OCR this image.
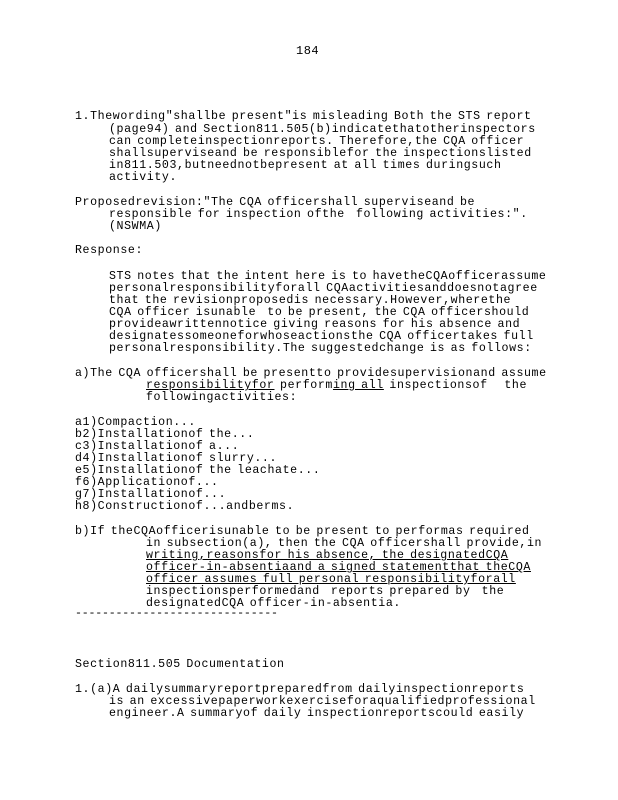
184
1.Thewording"shallbe present"is misleading Both the STS report
(page94) and Section811.505(b)indicatethatotherinspectors
can completeinspectionreports. Therefore,the CQA officer
shallsuperviseand be responsiblefor the inspectionslisted
in811.503,butneednotbepresent at all times duringsuch
activity.
Proposedrevision:"The CQA officershall superviseand be
responsible for inspection ofthe  following activities:".
(NSWMA)
Response:
STS notes that the intent here is to havetheCQAofficerassume
personalresponsibilityforall CQAactivitiesanddoesnotagree
that the revisionproposedis necessary.However,wherethe
CQA officer isunable  to be present, the CQA officershould
provideawrittennotice giving reasons for his absence and
designatessomeoneforwhoseactionsthe CQA officertakes full
personalresponsibility.The suggestedchange is as follows:
a)The CQA officershall be presentto providesupervisionand assume
responsibilityfor performing all inspectionsof   the
followingactivities:
a1)Compaction...
b2)Installationof the...
c3)Installationof a...
d4)Installationof slurry...
e5)Installationof the leachate...
f6)Applicationof...
g7)Installationof...
h8)Constructionof...andberms.
b)If theCQAofficerisunable to be present to performas required
in subsection(a), then the CQA officershall provide,in
writing,reasonsfor his absence, the designatedCQA
officer-in-absentiaand a signed statementthat theCQA
officer assumes full personal responsibilityforall
inspectionsperformedand  reports prepared by  the
designatedCQA officer-in-absentia.
------------------------------
Section811.505 Documentation
1.(a)A dailysummaryreportpreparedfrom dailyinspectionreports
is an excessivepaperworkexerciseforaqualifiedprofessional
engineer.A summaryof daily inspectionreportscould easily
